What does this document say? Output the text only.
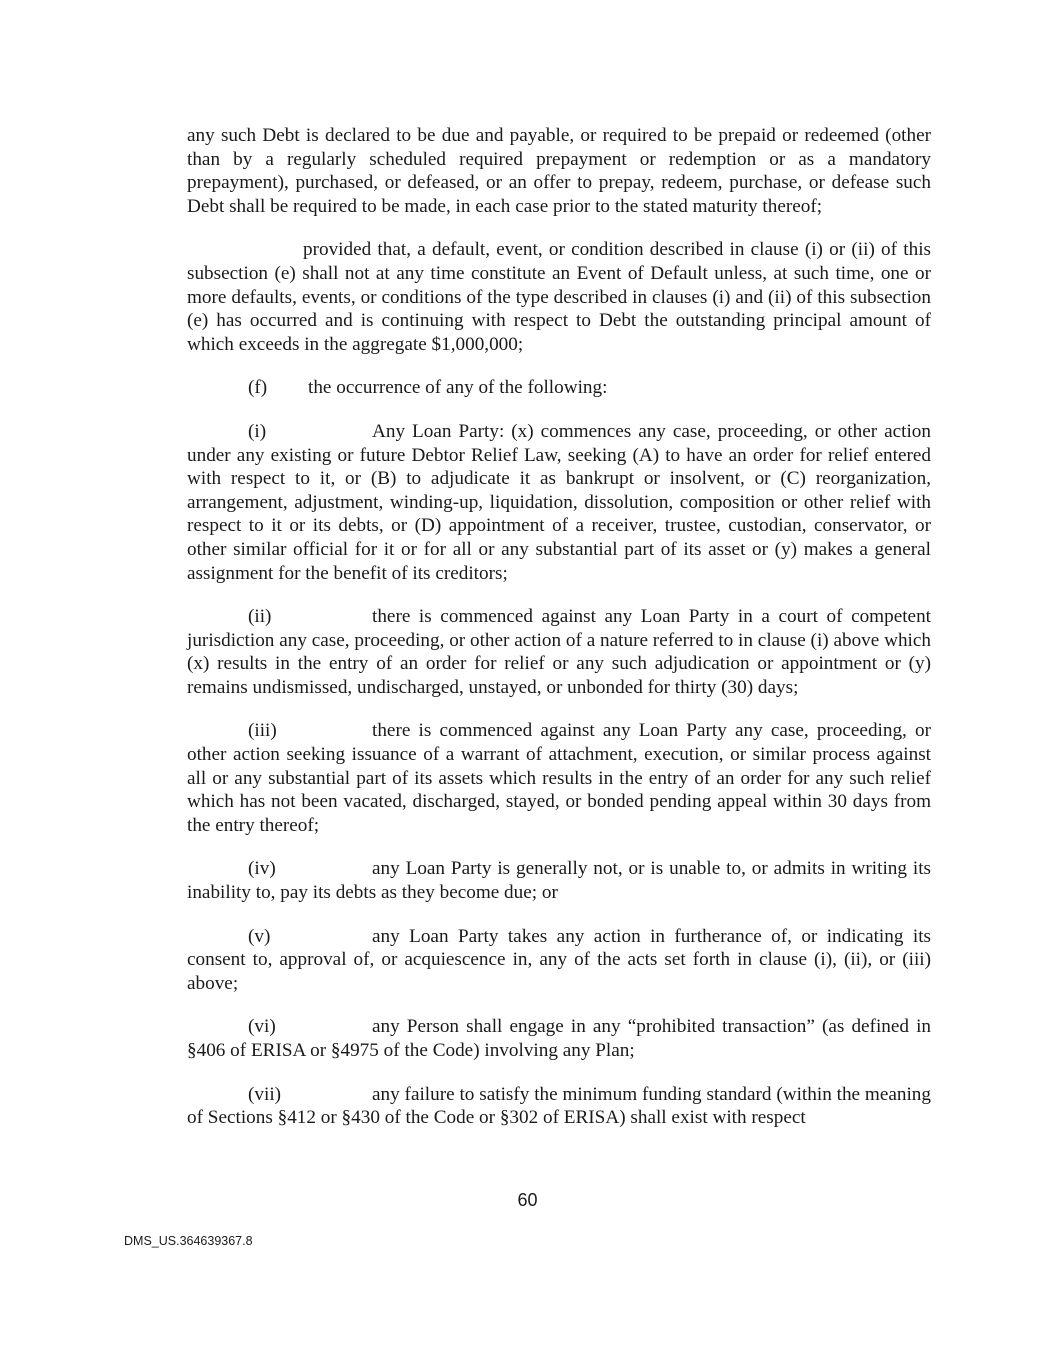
any such Debt is declared to be due and payable, or required to be prepaid or redeemed (other than by a regularly scheduled required prepayment or redemption or as a mandatory prepayment), purchased, or defeased, or an offer to prepay, redeem, purchase, or defease such Debt shall be required to be made, in each case prior to the stated maturity thereof;

provided that, a default, event, or condition described in clause (i) or (ii) of this subsection (e) shall not at any time constitute an Event of Default unless, at such time, one or more defaults, events, or conditions of the type described in clauses (i) and (ii) of this subsection (e) has occurred and is continuing with respect to Debt the outstanding principal amount of which exceeds in the aggregate $1,000,000;

(f) the occurrence of any of the following:

(i)	Any Loan Party: (x) commences any case, proceeding, or other action under any existing or future Debtor Relief Law, seeking (A) to have an order for relief entered with respect to it, or (B) to adjudicate it as bankrupt or insolvent, or (C) reorganization, arrangement, adjustment, winding-up, liquidation, dissolution, composition or other relief with respect to it or its debts, or (D) appointment of a receiver, trustee, custodian, conservator, or other similar official for it or for all or any substantial part of its asset or (y) makes a general assignment for the benefit of its creditors;

(ii)	there is commenced against any Loan Party in a court of competent jurisdiction any case, proceeding, or other action of a nature referred to in clause (i) above which (x) results in the entry of an order for relief or any such adjudication or appointment or (y) remains undismissed, undischarged, unstayed, or unbonded for thirty (30) days;

(iii)	there is commenced against any Loan Party any case, proceeding, or other action seeking issuance of a warrant of attachment, execution, or similar process against all or any substantial part of its assets which results in the entry of an order for any such relief which has not been vacated, discharged, stayed, or bonded pending appeal within 30 days from the entry thereof;

(iv)	any Loan Party is generally not, or is unable to, or admits in writing its inability to, pay its debts as they become due; or

(v)	any Loan Party takes any action in furtherance of, or indicating its consent to, approval of, or acquiescence in, any of the acts set forth in clause (i), (ii), or (iii) above;

(vi)	any Person shall engage in any “prohibited transaction” (as defined in §406 of ERISA or §4975 of the Code) involving any Plan;

(vii)	any failure to satisfy the minimum funding standard (within the meaning of Sections §412 or §430 of the Code or §302 of ERISA) shall exist with respect

60
DMS_US.364639367.8
